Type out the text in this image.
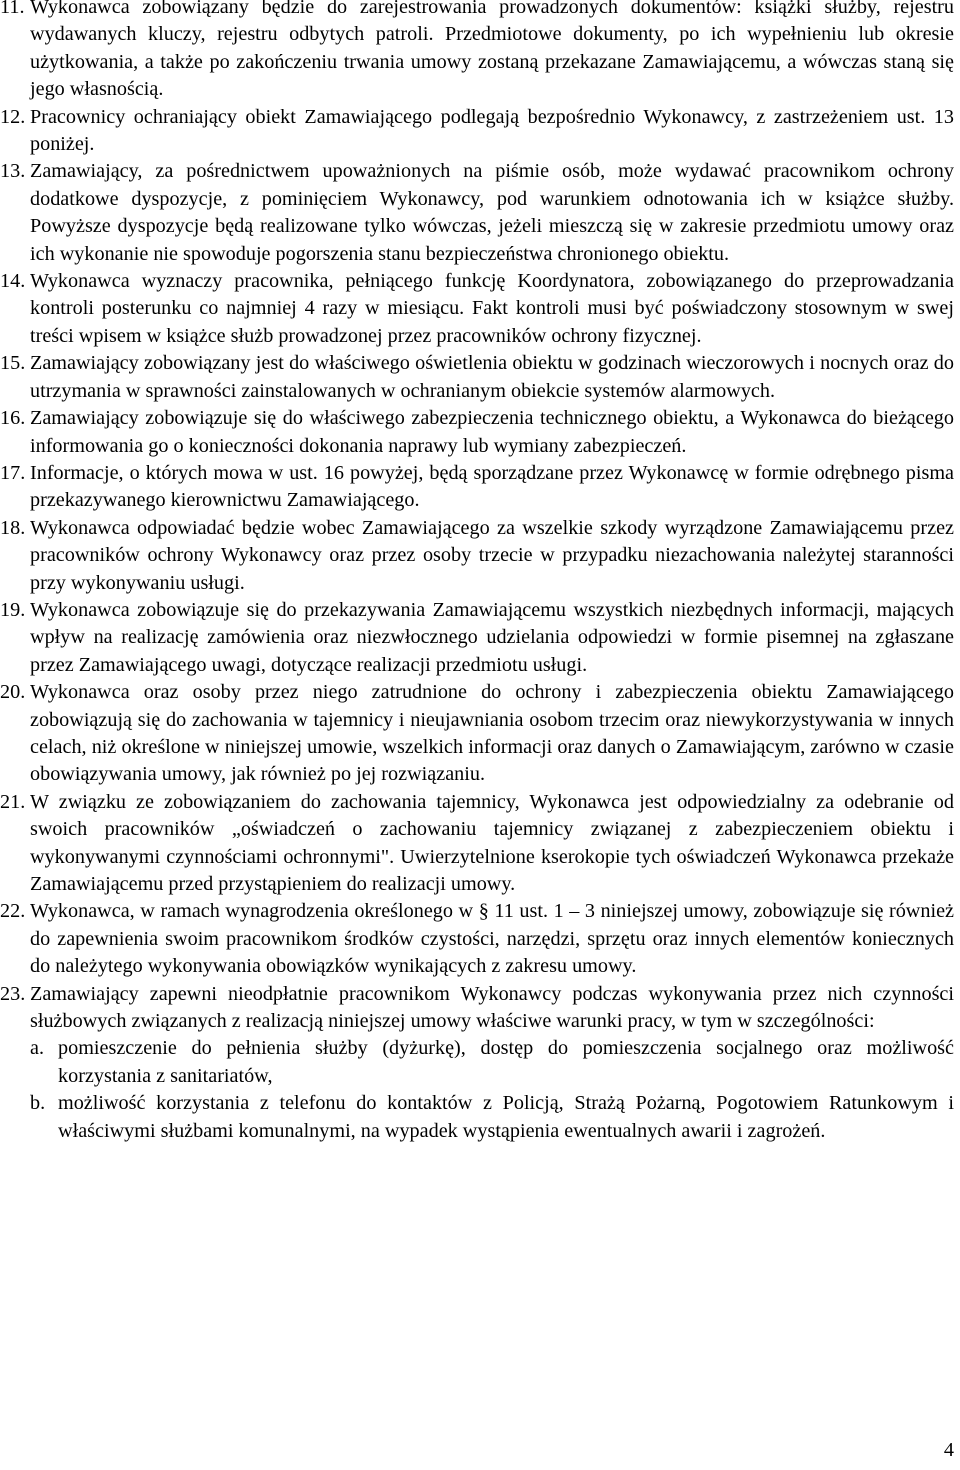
11. Wykonawca zobowiązany będzie do zarejestrowania prowadzonych dokumentów: książki służby, rejestru wydawanych kluczy, rejestru odbytych patroli. Przedmiotowe dokumenty, po ich wypełnieniu lub okresie użytkowania, a także po zakończeniu trwania umowy zostaną przekazane Zamawiającemu, a wówczas staną się jego własnością.
12. Pracownicy ochraniający obiekt Zamawiającego podlegają bezpośrednio Wykonawcy, z zastrzeżeniem ust. 13 poniżej.
13. Zamawiający, za pośrednictwem upoważnionych na piśmie osób, może wydawać pracownikom ochrony dodatkowe dyspozycje, z pominięciem Wykonawcy, pod warunkiem odnotowania ich w książce służby. Powyższe dyspozycje będą realizowane tylko wówczas, jeżeli mieszczą się w zakresie przedmiotu umowy oraz ich wykonanie nie spowoduje pogorszenia stanu bezpieczeństwa chronionego obiektu.
14. Wykonawca wyznaczy pracownika, pełniącego funkcję Koordynatora, zobowiązanego do przeprowadzania kontroli posterunku co najmniej 4 razy w miesiącu. Fakt kontroli musi być poświadczony stosownym w swej treści wpisem w książce służb prowadzonej przez pracowników ochrony fizycznej.
15. Zamawiający zobowiązany jest do właściwego oświetlenia obiektu w godzinach wieczorowych i nocnych oraz do utrzymania w sprawności zainstalowanych w ochranianym obiekcie systemów alarmowych.
16. Zamawiający zobowiązuje się do właściwego zabezpieczenia technicznego obiektu, a Wykonawca do bieżącego informowania go o konieczności dokonania naprawy lub wymiany zabezpieczeń.
17. Informacje, o których mowa w ust. 16 powyżej, będą sporządzane przez Wykonawcę w formie odrębnego pisma przekazywanego kierownictwu Zamawiającego.
18. Wykonawca odpowiadać będzie wobec Zamawiającego za wszelkie szkody wyrządzone Zamawiającemu przez pracowników ochrony Wykonawcy oraz przez osoby trzecie w przypadku niezachowania należytej staranności przy wykonywaniu usługi.
19. Wykonawca zobowiązuje się do przekazywania Zamawiającemu wszystkich niezbędnych informacji, mających wpływ na realizację zamówienia oraz niezwłocznego udzielania odpowiedzi w formie pisemnej na zgłaszane przez Zamawiającego uwagi, dotyczące realizacji przedmiotu usługi.
20. Wykonawca oraz osoby przez niego zatrudnione do ochrony i zabezpieczenia obiektu Zamawiającego zobowiązują się do zachowania w tajemnicy i nieujawniania osobom trzecim oraz niewykorzystywania w innych celach, niż określone w niniejszej umowie, wszelkich informacji oraz danych o Zamawiającym, zarówno w czasie obowiązywania umowy, jak również po jej rozwiązaniu.
21. W związku ze zobowiązaniem do zachowania tajemnicy, Wykonawca jest odpowiedzialny za odebranie od swoich pracowników „oświadczeń o zachowaniu tajemnicy związanej z zabezpieczeniem obiektu i wykonywanymi czynnościami ochronnymi". Uwierzytelnione kserokopie tych oświadczeń Wykonawca przekaże Zamawiającemu przed przystąpieniem do realizacji umowy.
22. Wykonawca, w ramach wynagrodzenia określonego w § 11 ust. 1 – 3 niniejszej umowy, zobowiązuje się również do zapewnienia swoim pracownikom środków czystości, narzędzi, sprzętu oraz innych elementów koniecznych do należytego wykonywania obowiązków wynikających z zakresu umowy.
23. Zamawiający zapewni nieodpłatnie pracownikom Wykonawcy podczas wykonywania przez nich czynności służbowych związanych z realizacją niniejszej umowy właściwe warunki pracy, w tym w szczególności:
a. pomieszczenie do pełnienia służby (dyżurkę), dostęp do pomieszczenia socjalnego oraz możliwość korzystania z sanitariatów,
b. możliwość korzystania z telefonu do kontaktów z Policją, Strażą Pożarną, Pogotowiem Ratunkowym i właściwymi służbami komunalnymi, na wypadek wystąpienia ewentualnych awarii i zagrożeń.
4
